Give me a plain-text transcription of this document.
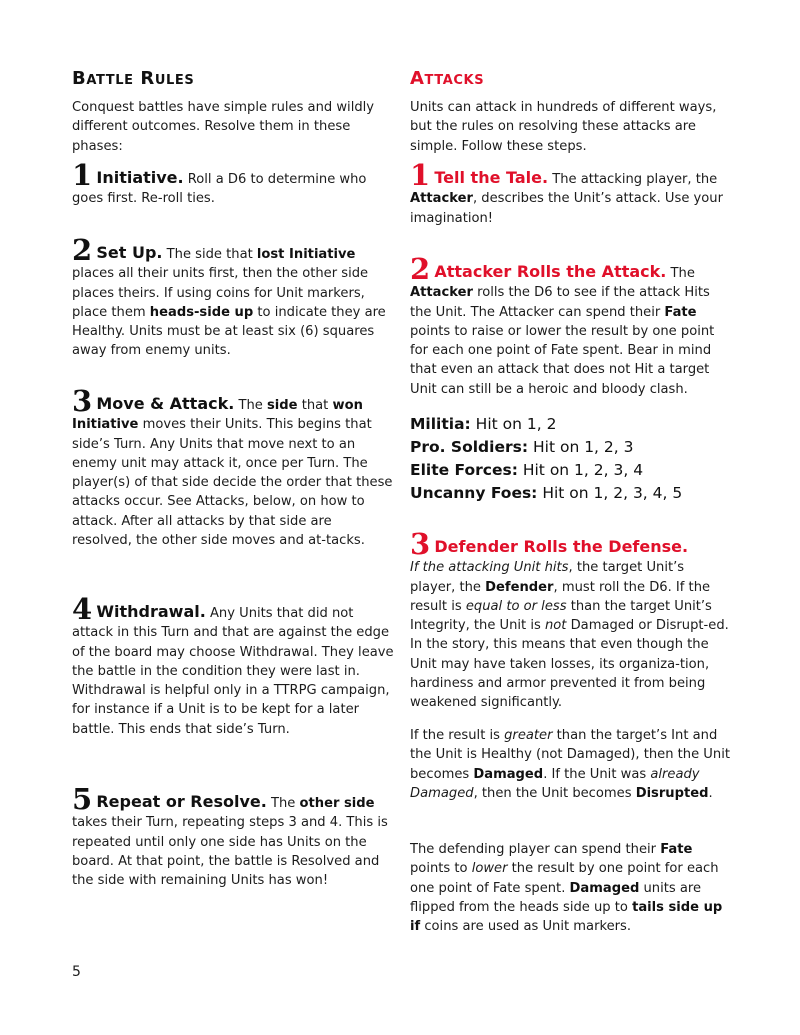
Battle Rules

Conquest battles have simple rules and wildly different outcomes. Resolve them in these phases:

1 Initiative. Roll a D6 to determine who goes first. Re-roll ties.

2 Set Up. The side that lost Initiative places all their units first, then the other side places theirs. If using coins for Unit markers, place them heads-side up to indicate they are Healthy. Units must be at least six (6) squares away from enemy units.

3 Move & Attack. The side that won Initiative moves their Units. This begins that side’s Turn. Any Units that move next to an enemy unit may attack it, once per Turn. The player(s) of that side decide the order that these attacks occur. See Attacks, below, on how to attack. After all attacks by that side are resolved, the other side moves and at-tacks.

4 Withdrawal. Any Units that did not attack in this Turn and that are against the edge of the board may choose Withdrawal. They leave the battle in the condition they were last in. Withdrawal is helpful only in a TTRPG campaign, for instance if a Unit is to be kept for a later battle. This ends that side’s Turn.

5 Repeat or Resolve. The other side takes their Turn, repeating steps 3 and 4. This is repeated until only one side has Units on the board. At that point, the battle is Resolved and the side with remaining Units has won!

Attacks

Units can attack in hundreds of different ways, but the rules on resolving these attacks are simple. Follow these steps.

1 Tell the Tale. The attacking player, the Attacker, describes the Unit’s attack. Use your imagination!

2 Attacker Rolls the Attack. The Attacker rolls the D6 to see if the attack Hits the Unit. The Attacker can spend their Fate points to raise or lower the result by one point for each one point of Fate spent. Bear in mind that even an attack that does not Hit a target Unit can still be a heroic and bloody clash.

Militia: Hit on 1, 2

Pro. Soldiers: Hit on 1, 2, 3

Elite Forces: Hit on 1, 2, 3, 4

Uncanny Foes: Hit on 1, 2, 3, 4, 5

3 Defender Rolls the Defense.
If the attacking Unit hits, the target Unit’s player, the Defender, must roll the D6. If the result is equal to or less than the target Unit’s Integrity, the Unit is not Damaged or Disrupt-ed. In the story, this means that even though the Unit may have taken losses, its organiza-tion, hardiness and armor prevented it from being weakened significantly.

If the result is greater than the target’s Int and the Unit is Healthy (not Damaged), then the Unit becomes Damaged. If the Unit was already Damaged, then the Unit becomes Disrupted.

The defending player can spend their Fate points to lower the result by one point for each one point of Fate spent. Damaged units are flipped from the heads side up to tails side up if coins are used as Unit markers.

5
